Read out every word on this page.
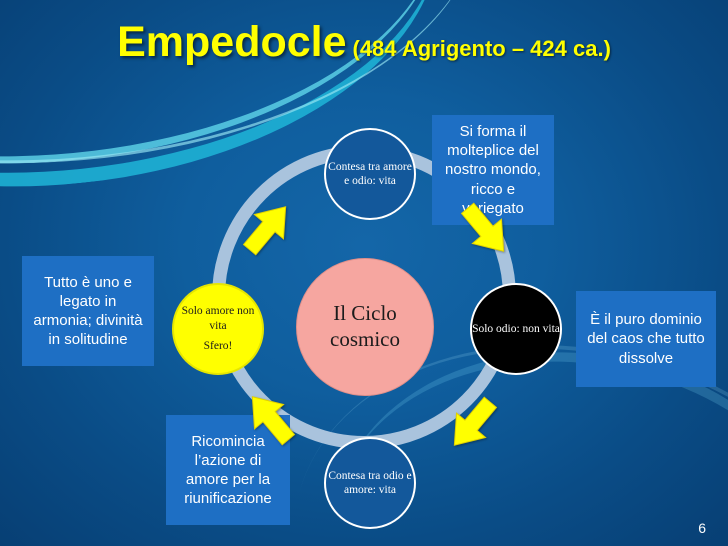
Empedocle (484 Agrigento – 424 ca.)
Il Ciclo
cosmico
Contesa tra amore e odio: vita
Solo odio: non vita
Contesa tra odio e amore: vita
Solo amore non vita
Sfero!
Si forma il molteplice del nostro mondo, ricco e variegato
È il puro dominio del caos che tutto dissolve
Ricomincia l’azione di amore per la riunificazione
Tutto è uno e legato in armonia; divinità in solitudine
6
